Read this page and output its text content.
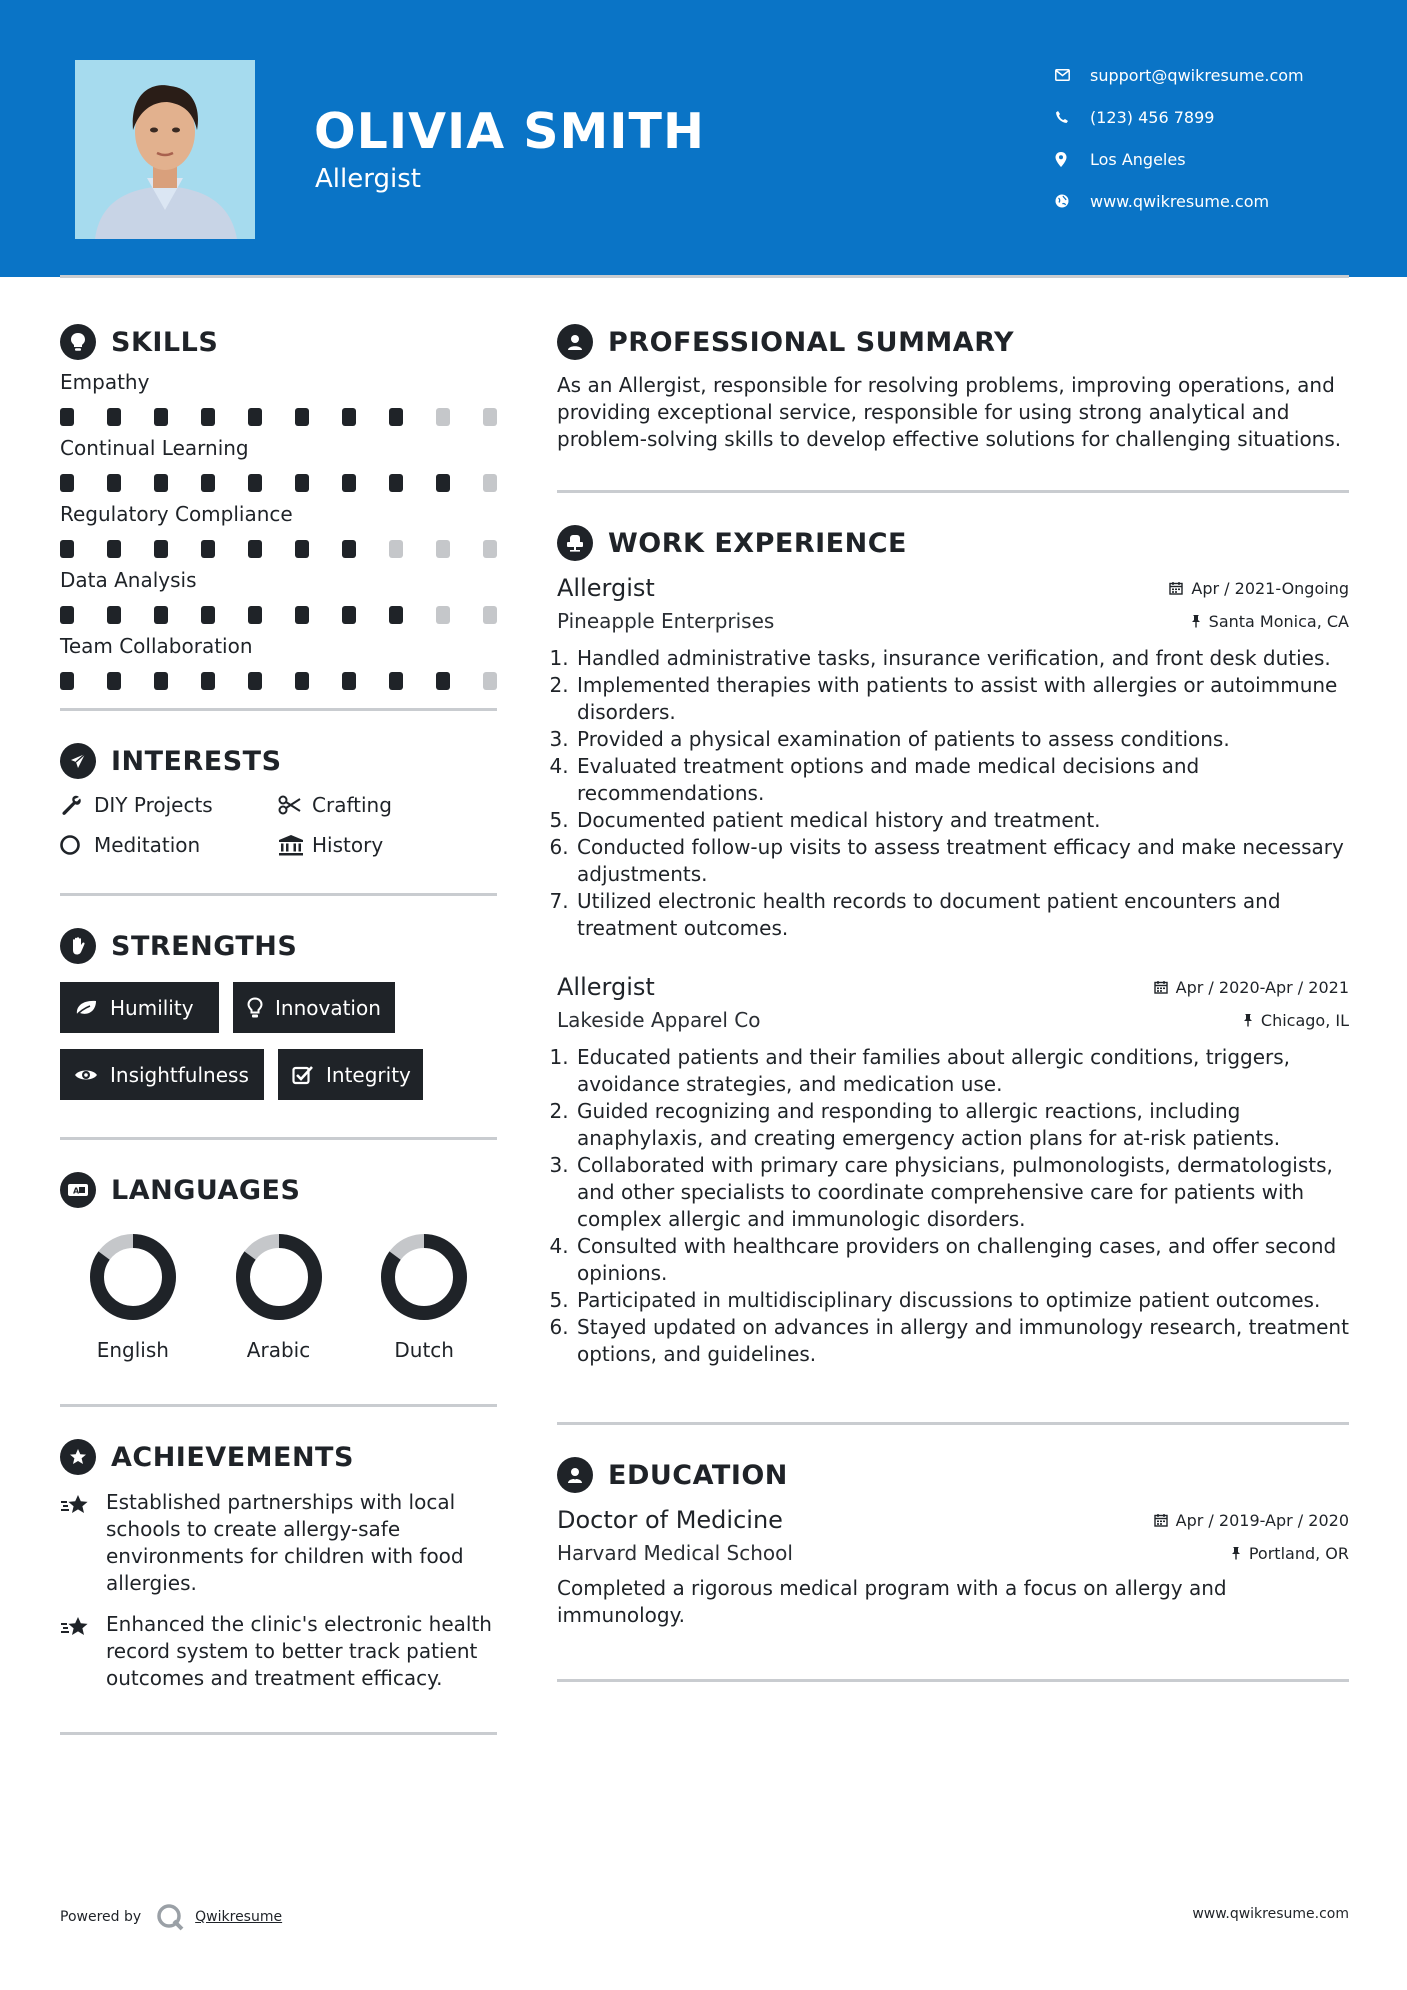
OLIVIA SMITH
Allergist
support@qwikresume.com
(123) 456 7899
Los Angeles
www.qwikresume.com
SKILLS
Empathy
Continual Learning
Regulatory Compliance
Data Analysis
Team Collaboration
INTERESTS
DIY Projects	Crafting
Meditation	History
STRENGTHS
Humility	Innovation
Insightfulness	Integrity
A LANGUAGES
English	Arabic	Dutch
ACHIEVEMENTS
Established partnerships with local schools to create allergy-safe environments for children with food allergies.
Enhanced the clinic's electronic health record system to better track patient outcomes and treatment efficacy.
PROFESSIONAL SUMMARY
As an Allergist, responsible for resolving problems, improving operations, and providing exceptional service, responsible for using strong analytical and problem-solving skills to develop effective solutions for challenging situations.
WORK EXPERIENCE
Allergist	Apr / 2021-Ongoing
Pineapple Enterprises	Santa Monica, CA
1. Handled administrative tasks, insurance verification, and front desk duties.
2. Implemented therapies with patients to assist with allergies or autoimmune disorders.
3. Provided a physical examination of patients to assess conditions.
4. Evaluated treatment options and made medical decisions and recommendations.
5. Documented patient medical history and treatment.
6. Conducted follow-up visits to assess treatment efficacy and make necessary adjustments.
7. Utilized electronic health records to document patient encounters and treatment outcomes.
Allergist	Apr / 2020-Apr / 2021
Lakeside Apparel Co	Chicago, IL
1. Educated patients and their families about allergic conditions, triggers, avoidance strategies, and medication use.
2. Guided recognizing and responding to allergic reactions, including anaphylaxis, and creating emergency action plans for at-risk patients.
3. Collaborated with primary care physicians, pulmonologists, dermatologists, and other specialists to coordinate comprehensive care for patients with complex allergic and immunologic disorders.
4. Consulted with healthcare providers on challenging cases, and offer second opinions.
5. Participated in multidisciplinary discussions to optimize patient outcomes.
6. Stayed updated on advances in allergy and immunology research, treatment options, and guidelines.
EDUCATION
Doctor of Medicine	Apr / 2019-Apr / 2020
Harvard Medical School	Portland, OR
Completed a rigorous medical program with a focus on allergy and immunology.
Powered by	Qwikresume	www.qwikresume.com
